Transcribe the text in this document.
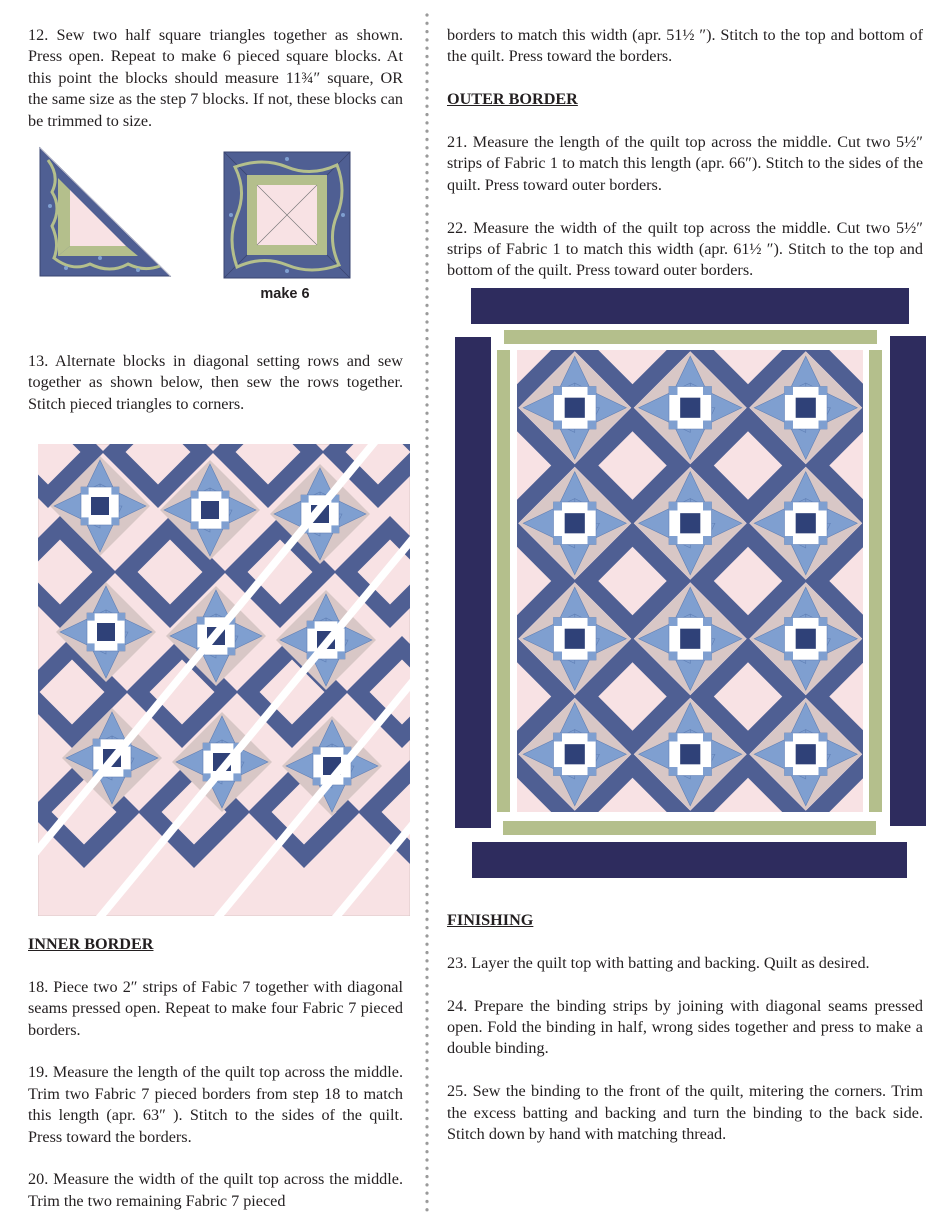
12. Sew two half square triangles together as shown. Press open. Repeat to make 6 pieced square blocks. At this point the blocks should measure 11¾″ square, OR the same size as the step 7 blocks. If not, these blocks can be trimmed to size.

make 6

13. Alternate blocks in diagonal setting rows and sew together as shown below, then sew the rows together. Stitch pieced triangles to corners.

INNER BORDER

18. Piece two 2″ strips of Fabic 7 together with diagonal seams pressed open. Repeat to make four Fabric 7 pieced borders.

19. Measure the length of the quilt top across the middle. Trim two Fabric 7 pieced borders from step 18 to match this length (apr. 63″ ). Stitch to the sides of the quilt. Press toward the borders.

20. Measure the width of the quilt top across the middle. Trim the two remaining Fabric 7 pieced

borders to match this width (apr. 51½ ″). Stitch to the top and bottom of the quilt. Press toward the borders.

OUTER BORDER

21. Measure the length of the quilt top across the middle. Cut two 5½″ strips of Fabric 1 to match this length (apr. 66″). Stitch to the sides of the quilt. Press toward outer borders.

22. Measure the width of the quilt top across the middle. Cut two 5½″ strips of Fabric 1 to match this width (apr. 61½ ″). Stitch to the top and bottom of the quilt. Press toward outer borders.

FINISHING

23. Layer the quilt top with batting and backing. Quilt as desired.

24. Prepare the binding strips by joining with diagonal seams pressed open. Fold the binding in half, wrong sides together and press to make a double binding.

25. Sew the binding to the front of the quilt, mitering the corners. Trim the excess batting and backing and turn the binding to the back side. Stitch down by hand with matching thread.
